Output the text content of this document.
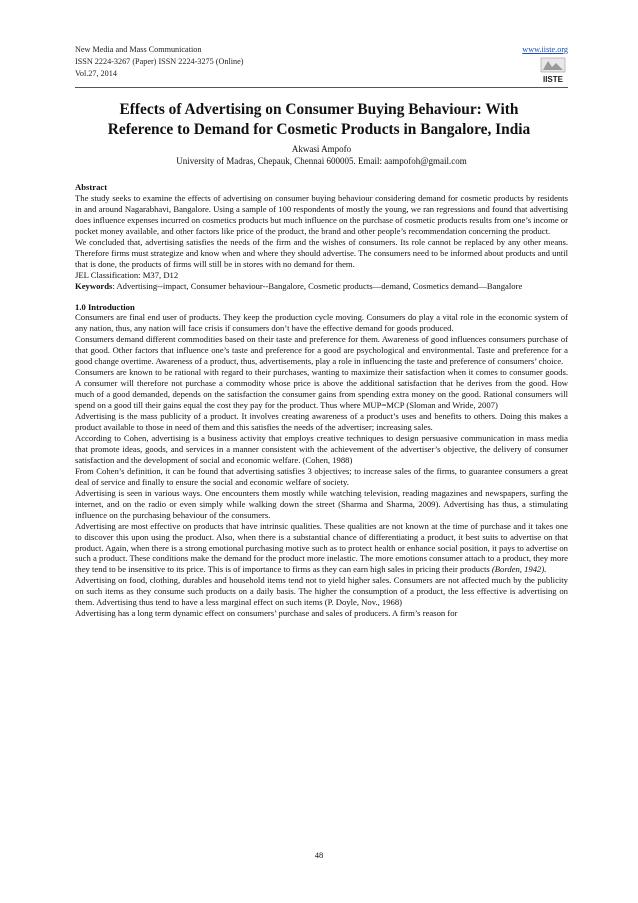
New Media and Mass Communication
ISSN 2224-3267 (Paper) ISSN 2224-3275 (Online)
Vol.27, 2014
www.iiste.org
IISTE
Effects of Advertising on Consumer Buying Behaviour: With
Reference to Demand for Cosmetic Products in Bangalore, India
Akwasi Ampofo
University of Madras, Chepauk, Chennai 600005. Email: aampofoh@gmail.com
Abstract

The study seeks to examine the effects of advertising on consumer buying behaviour considering demand for cosmetic products by residents in and around Nagarabhavi, Bangalore. Using a sample of 100 respondents of mostly the young, we ran regressions and found that advertising does influence expenses incurred on cosmetics products but much influence on the purchase of cosmetic products results from one’s income or pocket money available, and other factors like price of the product, the brand and other people’s recommendation concerning the product.

We concluded that, advertising satisfies the needs of the firm and the wishes of consumers. Its role cannot be replaced by any other means. Therefore firms must strategize and know when and where they should advertise. The consumers need to be informed about products and until that is done, the products of firms will still be in stores with no demand for them.

JEL Classification: M37, D12

Keywords: Advertising--impact, Consumer behaviour--Bangalore, Cosmetic products—demand, Cosmetics demand—Bangalore

1.0 Introduction

Consumers are final end user of products. They keep the production cycle moving. Consumers do play a vital role in the economic system of any nation, thus, any nation will face crisis if consumers don’t have the effective demand for goods produced.

Consumers demand different commodities based on their taste and preference for them. Awareness of good influences consumers purchase of that good. Other factors that influence one’s taste and preference for a good are psychological and environmental. Taste and preference for a good change overtime. Awareness of a product, thus, advertisements, play a role in influencing the taste and preference of consumers’ choice.

Consumers are known to be rational with regard to their purchases, wanting to maximize their satisfaction when it comes to consumer goods. A consumer will therefore not purchase a commodity whose price is above the additional satisfaction that he derives from the good. How much of a good demanded, depends on the satisfaction the consumer gains from spending extra money on the good. Rational consumers will spend on a good till their gains equal the cost they pay for the product. Thus where MUP=MCP (Sloman and Wride, 2007)

Advertising is the mass publicity of a product. It involves creating awareness of a product’s uses and benefits to others. Doing this makes a product available to those in need of them and this satisfies the needs of the advertiser; increasing sales.

According to Cohen, advertising is a business activity that employs creative techniques to design persuasive communication in mass media that promote ideas, goods, and services in a manner consistent with the achievement of the advertiser’s objective, the delivery of consumer satisfaction and the development of social and economic welfare. (Cohen, 1988)

From Cohen’s definition, it can be found that advertising satisfies 3 objectives; to increase sales of the firms, to guarantee consumers a great deal of service and finally to ensure the social and economic welfare of society.

Advertising is seen in various ways. One encounters them mostly while watching television, reading magazines and newspapers, surfing the internet, and on the radio or even simply while walking down the street (Sharma and Sharma, 2009). Advertising has thus, a stimulating influence on the purchasing behaviour of the consumers.

Advertising are most effective on products that have intrinsic qualities. These qualities are not known at the time of purchase and it takes one to discover this upon using the product. Also, when there is a substantial chance of differentiating a product, it best suits to advertise on that product. Again, when there is a strong emotional purchasing motive such as to protect health or enhance social position, it pays to advertise on such a product. These conditions make the demand for the product more inelastic. The more emotions consumer attach to a product, they more they tend to be insensitive to its price. This is of importance to firms as they can earn high sales in pricing their products (Borden, 1942).

Advertising on food, clothing, durables and household items tend not to yield higher sales. Consumers are not affected much by the publicity on such items as they consume such products on a daily basis. The higher the consumption of a product, the less effective is advertising on them. Advertising thus tend to have a less marginal effect on such items (P. Doyle, Nov., 1968)

Advertising has a long term dynamic effect on consumers’ purchase and sales of producers. A firm’s reason for

48
